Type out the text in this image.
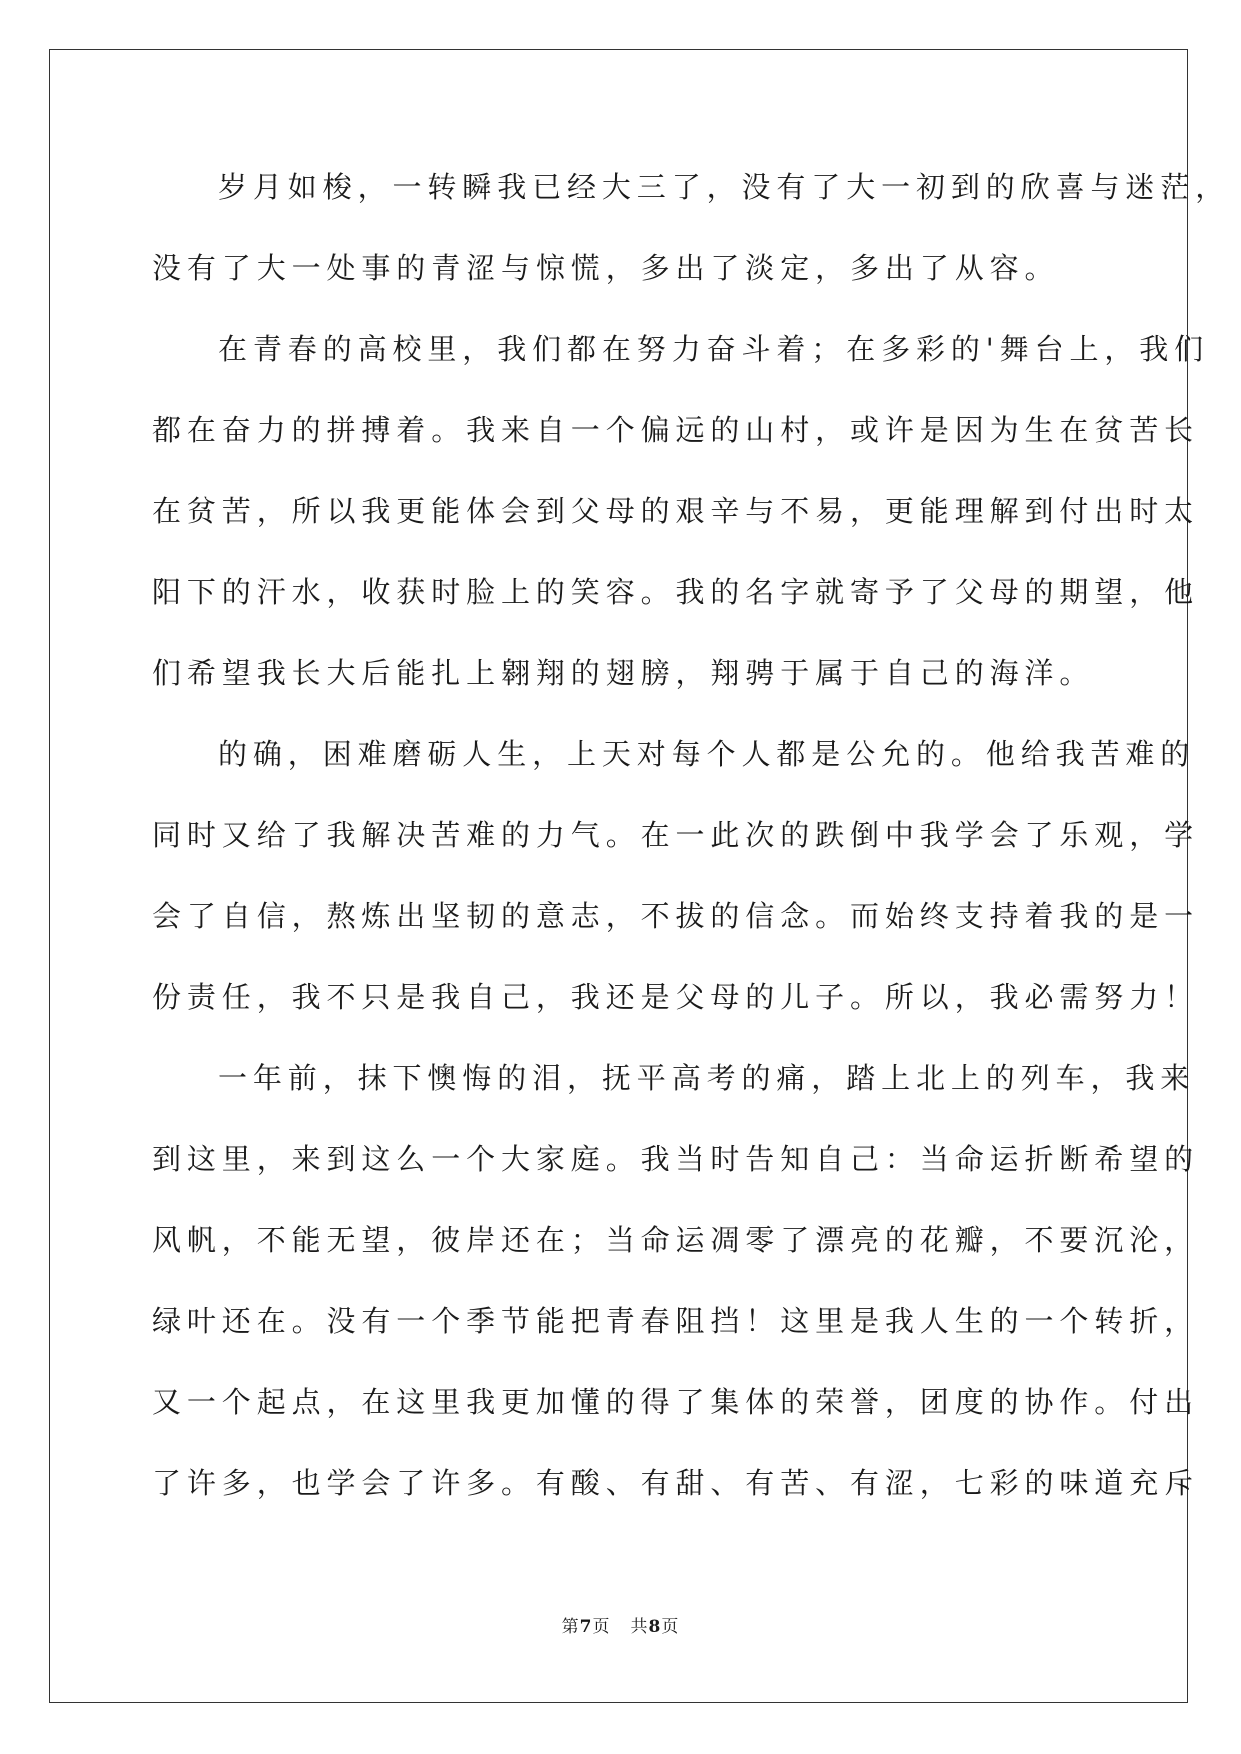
岁月如梭，一转瞬我已经大三了，没有了大一初到的欣喜与迷茫，
没有了大一处事的青涩与惊慌，多出了淡定，多出了从容。
在青春的高校里，我们都在努力奋斗着；在多彩的'舞台上，我们
都在奋力的拼搏着。我来自一个偏远的山村，或许是因为生在贫苦长
在贫苦，所以我更能体会到父母的艰辛与不易，更能理解到付出时太
阳下的汗水，收获时脸上的笑容。我的名字就寄予了父母的期望，他
们希望我长大后能扎上翱翔的翅膀，翔骋于属于自己的海洋。
的确，困难磨砺人生，上天对每个人都是公允的。他给我苦难的
同时又给了我解决苦难的力气。在一此次的跌倒中我学会了乐观，学
会了自信，熬炼出坚韧的意志，不拔的信念。而始终支持着我的是一
份责任，我不只是我自己，我还是父母的儿子。所以，我必需努力！
一年前，抹下懊悔的泪，抚平高考的痛，踏上北上的列车，我来
到这里，来到这么一个大家庭。我当时告知自己：当命运折断希望的
风帆，不能无望，彼岸还在；当命运凋零了漂亮的花瓣，不要沉沦，
绿叶还在。没有一个季节能把青春阻挡！这里是我人生的一个转折，
又一个起点，在这里我更加懂的得了集体的荣誉，团度的协作。付出
了许多，也学会了许多。有酸、有甜、有苦、有涩，七彩的味道充斥
第7页 共8页
